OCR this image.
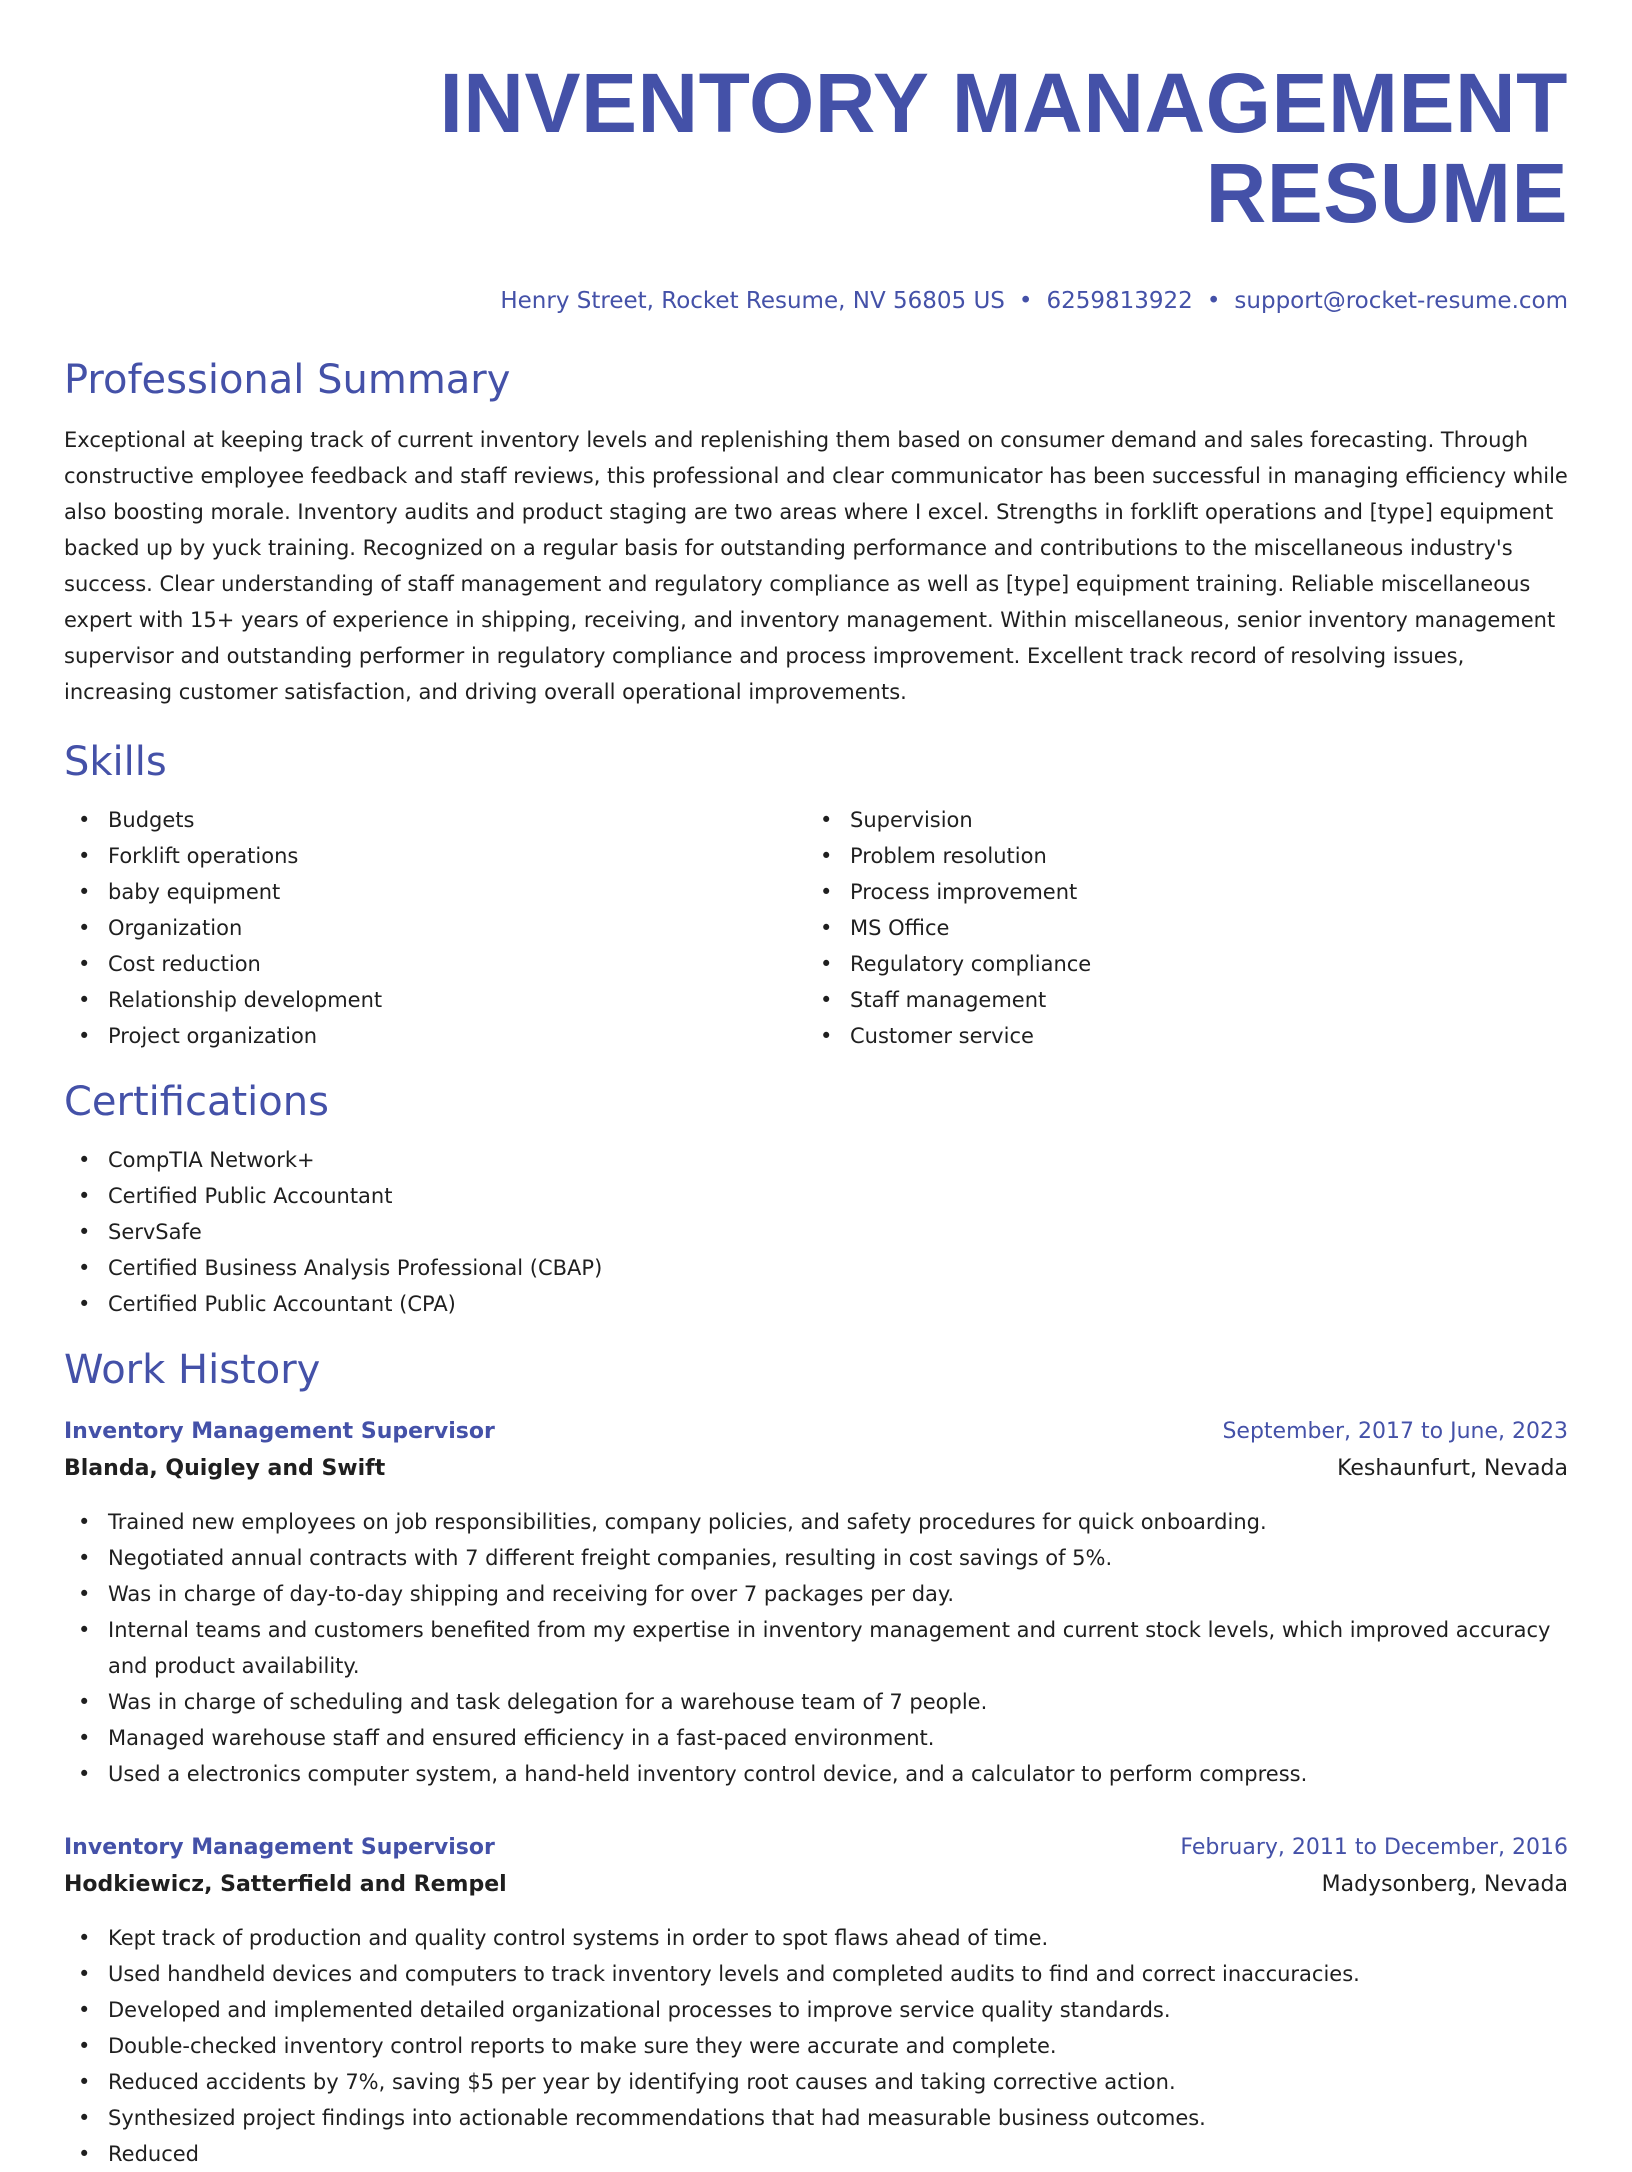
INVENTORY MANAGEMENT RESUME
Henry Street, Rocket Resume, NV 56805 US • 6259813922 • support@rocket-resume.com
Professional Summary

Exceptional at keeping track of current inventory levels and replenishing them based on consumer demand and sales forecasting. Through constructive employee feedback and staff reviews, this professional and clear communicator has been successful in managing efficiency while also boosting morale. Inventory audits and product staging are two areas where I excel. Strengths in forklift operations and [type] equipment backed up by yuck training. Recognized on a regular basis for outstanding performance and contributions to the miscellaneous industry's success. Clear understanding of staff management and regulatory compliance as well as [type] equipment training. Reliable miscellaneous expert with 15+ years of experience in shipping, receiving, and inventory management. Within miscellaneous, senior inventory management supervisor and outstanding performer in regulatory compliance and process improvement. Excellent track record of resolving issues, increasing customer satisfaction, and driving overall operational improvements.

Skills
• Budgets
• Forklift operations
• baby equipment
• Organization
• Cost reduction
• Relationship development
• Project organization
• Supervision
• Problem resolution
• Process improvement
• MS Office
• Regulatory compliance
• Staff management
• Customer service
Certifications
• CompTIA Network+
• Certified Public Accountant
• ServSafe
• Certified Business Analysis Professional (CBAP)
• Certified Public Accountant (CPA)
Work History
Inventory Management Supervisor	September, 2017 to June, 2023
Blanda, Quigley and Swift	Keshaunfurt, Nevada
• Trained new employees on job responsibilities, company policies, and safety procedures for quick onboarding.
• Negotiated annual contracts with 7 different freight companies, resulting in cost savings of 5%.
• Was in charge of day-to-day shipping and receiving for over 7 packages per day.
• Internal teams and customers benefited from my expertise in inventory management and current stock levels, which improved accuracy and product availability.
• Was in charge of scheduling and task delegation for a warehouse team of 7 people.
• Managed warehouse staff and ensured efficiency in a fast-paced environment.
• Used a electronics computer system, a hand-held inventory control device, and a calculator to perform compress.
Inventory Management Supervisor	February, 2011 to December, 2016
Hodkiewicz, Satterfield and Rempel	Madysonberg, Nevada
• Kept track of production and quality control systems in order to spot flaws ahead of time.
• Used handheld devices and computers to track inventory levels and completed audits to find and correct inaccuracies.
• Developed and implemented detailed organizational processes to improve service quality standards.
• Double-checked inventory control reports to make sure they were accurate and complete.
• Reduced accidents by 7%, saving $5 per year by identifying root causes and taking corrective action.
• Synthesized project findings into actionable recommendations that had measurable business outcomes.
• Reduced
